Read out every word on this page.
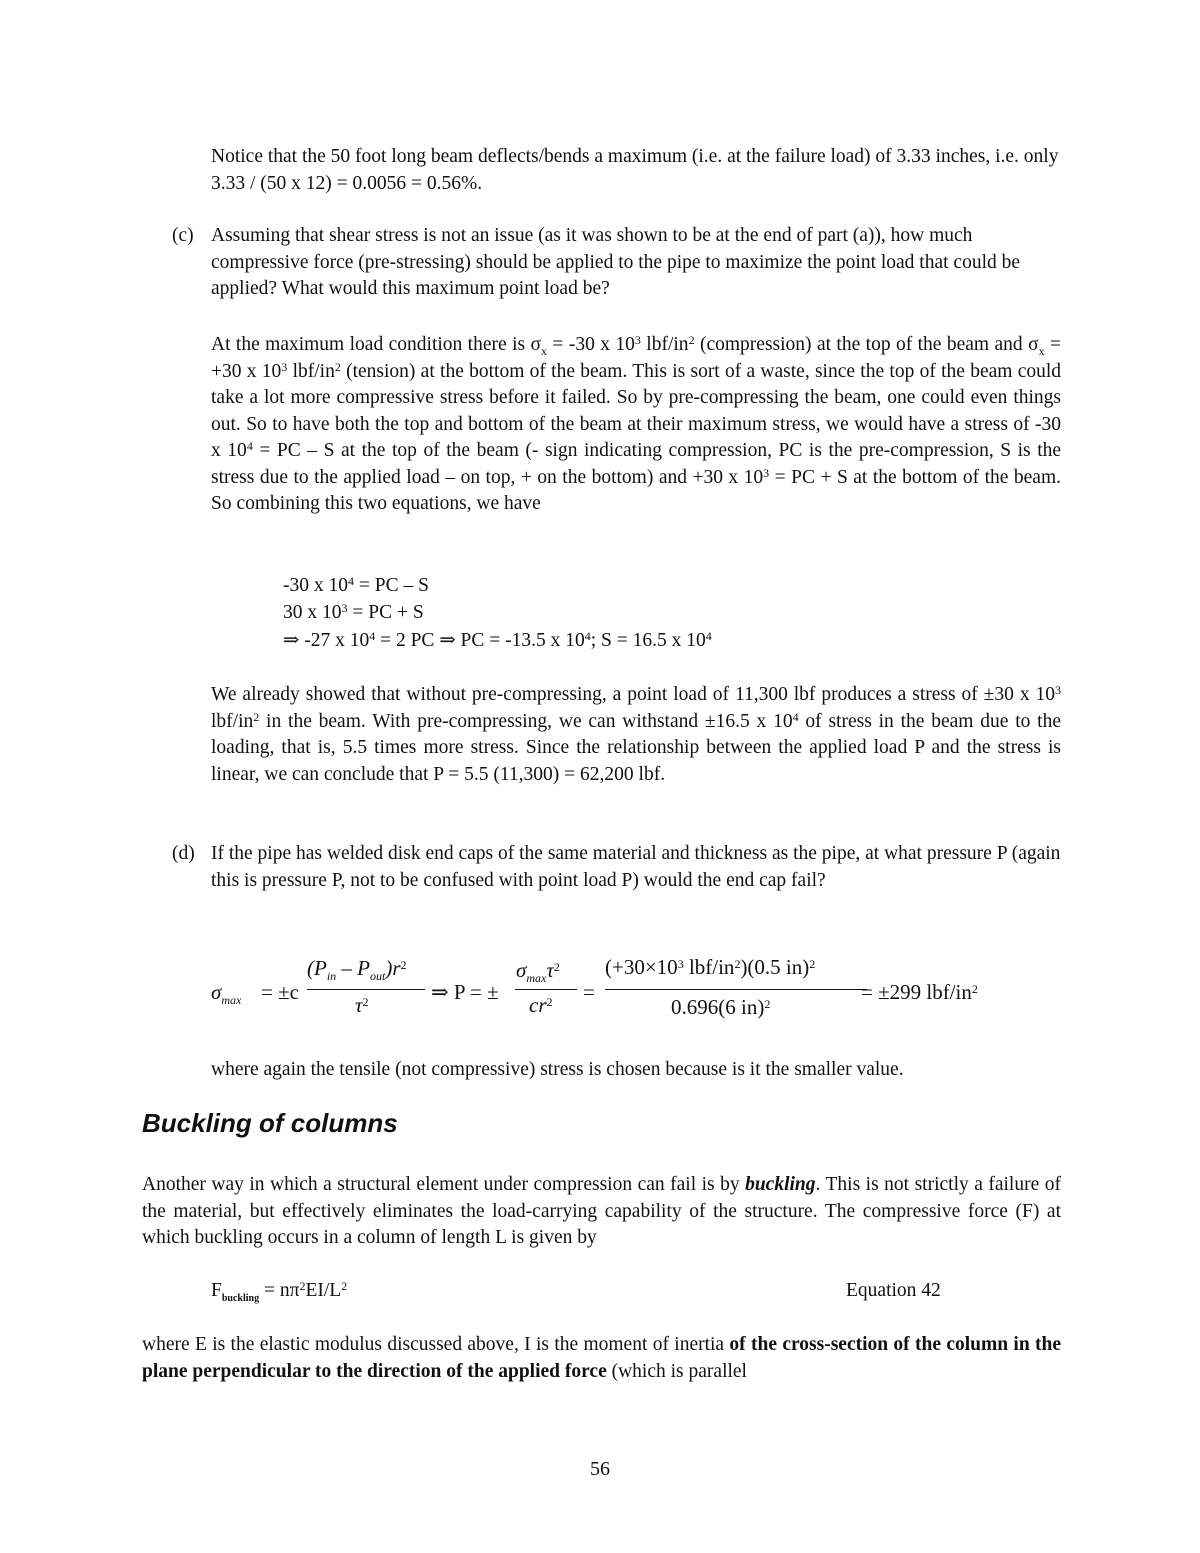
Notice that the 50 foot long beam deflects/bends a maximum (i.e. at the failure load) of 3.33 inches, i.e. only 3.33 / (50 x 12) = 0.0056 = 0.56%.

(c) Assuming that shear stress is not an issue (as it was shown to be at the end of part (a)), how much compressive force (pre-stressing) should be applied to the pipe to maximize the point load that could be applied? What would this maximum point load be?

At the maximum load condition there is $\sigma_x = -30$ x $10^3$ lbf/$in^2$ (compression) at the top of the beam and $\sigma_x = +30$ x $10^3$ lbf/$in^2$ (tension) at the bottom of the beam. This is sort of a waste, since the top of the beam could take a lot more compressive stress before it failed. So by pre-compressing the beam, one could even things out. So to have both the top and bottom of the beam at their maximum stress, we would have a stress of -30 x $10^4$ = PC – S at the top of the beam (- sign indicating compression, PC is the pre-compression, S is the stress due to the applied load – on top, + on the bottom) and +30 x $10^3$ = PC + S at the bottom of the beam. So combining this two equations, we have

-30 x $10^4$ = PC – S
30 x $10^3$ = PC + S
⇒ -27 x $10^4 = 2$ PC ⇒ PC = -13.5 x $10^4$; S = 16.5 x $10^4$

We already showed that without pre-compressing, a point load of 11,300 lbf produces a stress of ±30 x $10^3$ lbf/$in^2$ in the beam. With pre-compressing, we can withstand ±16.5 x $10^4$ of stress in the beam due to the loading, that is, 5.5 times more stress. Since the relationship between the applied load P and the stress is linear, we can conclude that P = 5.5 (11,300) = 62,200 lbf.

(d) If the pipe has welded disk end caps of the same material and thickness as the pipe, at what pressure P (again this is pressure P, not to be confused with point load P) would the end cap fail?

$\sigma_{max} = \pm c$
$(P_{in} - P_{out})r^2$
$\tau^2$	⇒ P = ±
$\sigma_{max}\tau^2$
$cr^2$ =
($+30\times 10^3$ lbf/$in^2)(0.5$ in)$^2$
0.696(6 in)$^2$	= ±299 lbf/$in^2$

where again the tensile (not compressive) stress is chosen because is it the smaller value.

Buckling of columns

Another way in which a structural element under compression can fail is by buckling. This is not strictly a failure of the material, but effectively eliminates the load-carrying capability of the structure. The compressive force (F) at which buckling occurs in a column of length L is given by

$F_{buckling} = n\pi^2EI/L^2$	Equation 42

where E is the elastic modulus discussed above, I is the moment of inertia of the cross-section of the column in the plane perpendicular to the direction of the applied force (which is parallel

56
